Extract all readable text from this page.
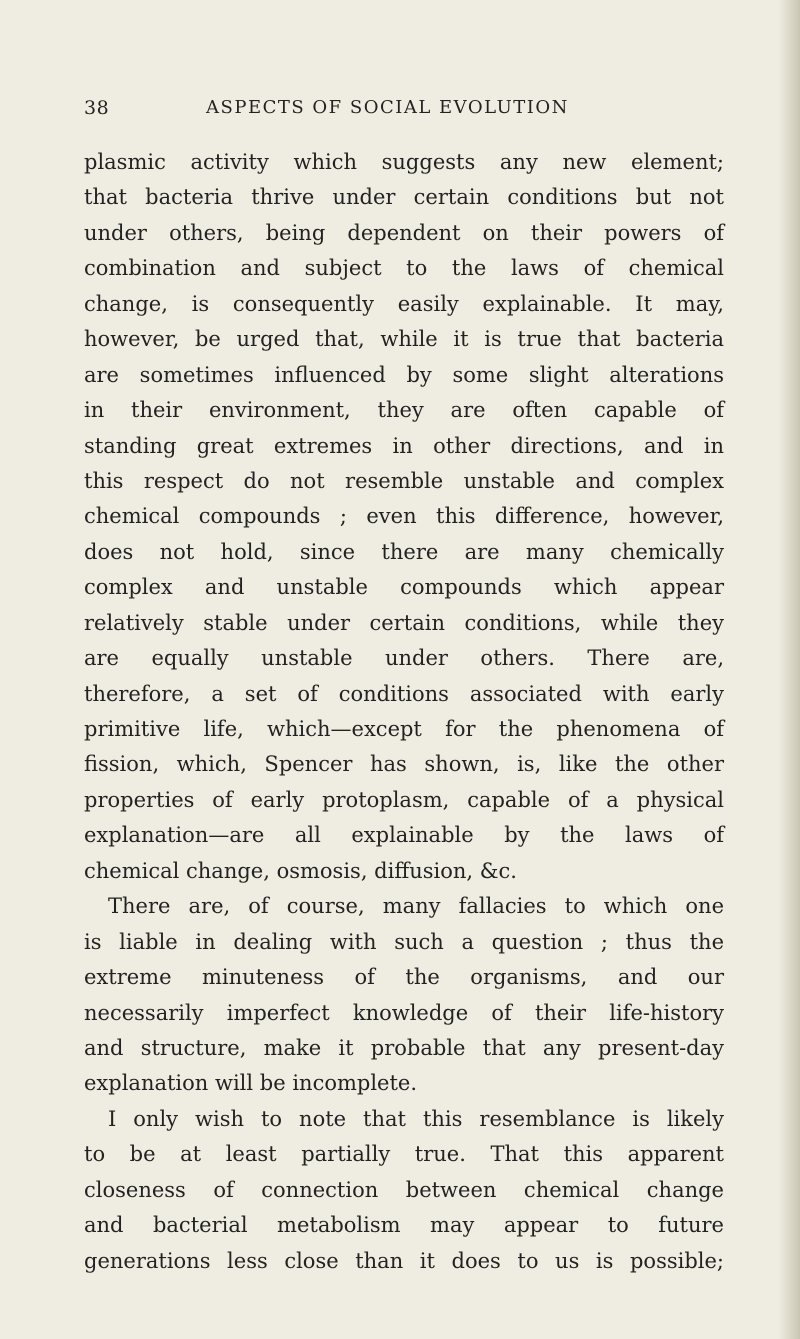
38	ASPECTS OF SOCIAL EVOLUTION
plasmic activity which suggests any new element;
that bacteria thrive under certain conditions but not
under others, being dependent on their powers of
combination and subject to the laws of chemical
change, is consequently easily explainable. It may,
however, be urged that, while it is true that bacteria
are sometimes influenced by some slight alterations
in their environment, they are often capable of
standing great extremes in other directions, and in
this respect do not resemble unstable and complex
chemical compounds ; even this difference, however,
does not hold, since there are many chemically
complex and unstable compounds which appear
relatively stable under certain conditions, while they
are equally unstable under others. There are,
therefore, a set of conditions associated with early
primitive life, which—except for the phenomena of
fission, which, Spencer has shown, is, like the other
properties of early protoplasm, capable of a physical
explanation—are all explainable by the laws of
chemical change, osmosis, diffusion, &c.
There are, of course, many fallacies to which one
is liable in dealing with such a question ; thus the
extreme minuteness of the organisms, and our
necessarily imperfect knowledge of their life-history
and structure, make it probable that any present-day
explanation will be incomplete.
I only wish to note that this resemblance is likely
to be at least partially true. That this apparent
closeness of connection between chemical change
and bacterial metabolism may appear to future
generations less close than it does to us is possible;
